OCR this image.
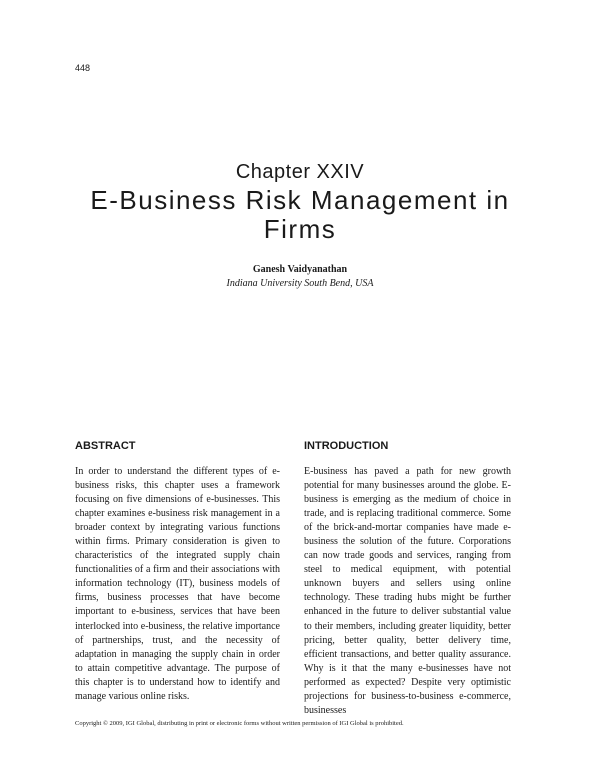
448
Chapter XXIV
E-Business Risk Management in Firms
Ganesh Vaidyanathan
Indiana University South Bend, USA
ABSTRACT

In order to understand the different types of e-business risks, this chapter uses a framework focusing on five dimensions of e-businesses. This chapter examines e-business risk management in a broader context by integrating various functions within firms. Primary consideration is given to characteristics of the integrated supply chain functionalities of a firm and their associations with information technology (IT), business models of firms, business processes that have become important to e-business, services that have been interlocked into e-business, the relative importance of partnerships, trust, and the necessity of adaptation in managing the supply chain in order to attain competitive advantage. The purpose of this chapter is to understand how to identify and manage various online risks.

INTRODUCTION

E-business has paved a path for new growth potential for many businesses around the globe. E-business is emerging as the medium of choice in trade, and is replacing traditional commerce. Some of the brick-and-mortar companies have made e-business the solution of the future. Corporations can now trade goods and services, ranging from steel to medical equipment, with potential unknown buyers and sellers using online technology. These trading hubs might be further enhanced in the future to deliver substantial value to their members, including greater liquidity, better pricing, better quality, better delivery time, efficient transactions, and better quality assurance. Why is it that the many e-businesses have not performed as expected? Despite very optimistic projections for business-to-business e-commerce, businesses

Copyright © 2009, IGI Global, distributing in print or electronic forms without written permission of IGI Global is prohibited.
